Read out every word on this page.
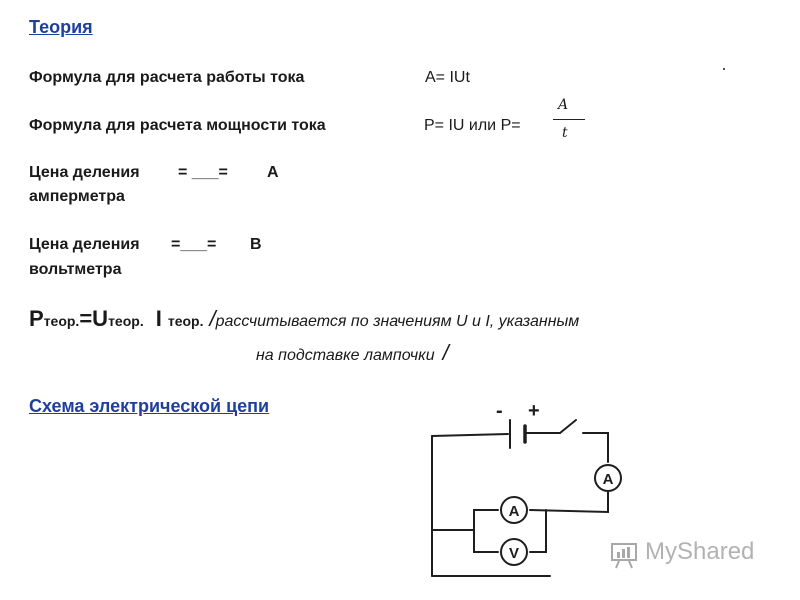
Теория
Формула для расчета работы тока	A= IUt
Формула для расчета мощности тока	P= IU или P=
A
t
Цена деления = ___= А
амперметра
Цена деления =___= В
вольтметра
Pтеор.=Uтеор. I теор. /рассчитывается по значениям U и I, указанным
на подставке лампочки /
Схема электрической цепи
A
A
V
- +
MyShared
